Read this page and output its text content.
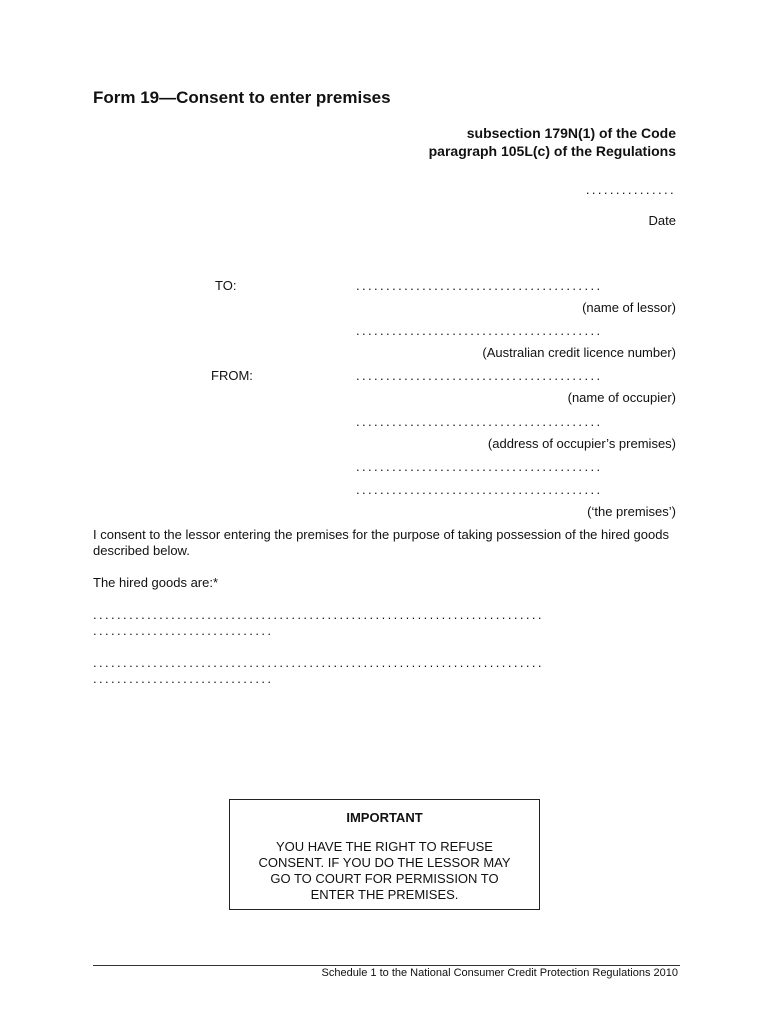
Form 19—Consent to enter premises
subsection 179N(1) of the Code
paragraph 105L(c) of the Regulations
...............
Date
TO:	.........................................
(name of lessor)
.........................................
(Australian credit licence number)
FROM:	.........................................
(name of occupier)
.........................................
(address of occupier’s premises)
.........................................
.........................................
(‘the premises’)
I consent to the lessor entering the premises for the purpose of taking possession of the hired goods described below.
The hired goods are:*
...........................................................................
..............................
...........................................................................
..............................
IMPORTANT
YOU HAVE THE RIGHT TO REFUSE
CONSENT. IF YOU DO THE LESSOR MAY
GO TO COURT FOR PERMISSION TO
ENTER THE PREMISES.
Schedule 1 to the National Consumer Credit Protection Regulations 2010
